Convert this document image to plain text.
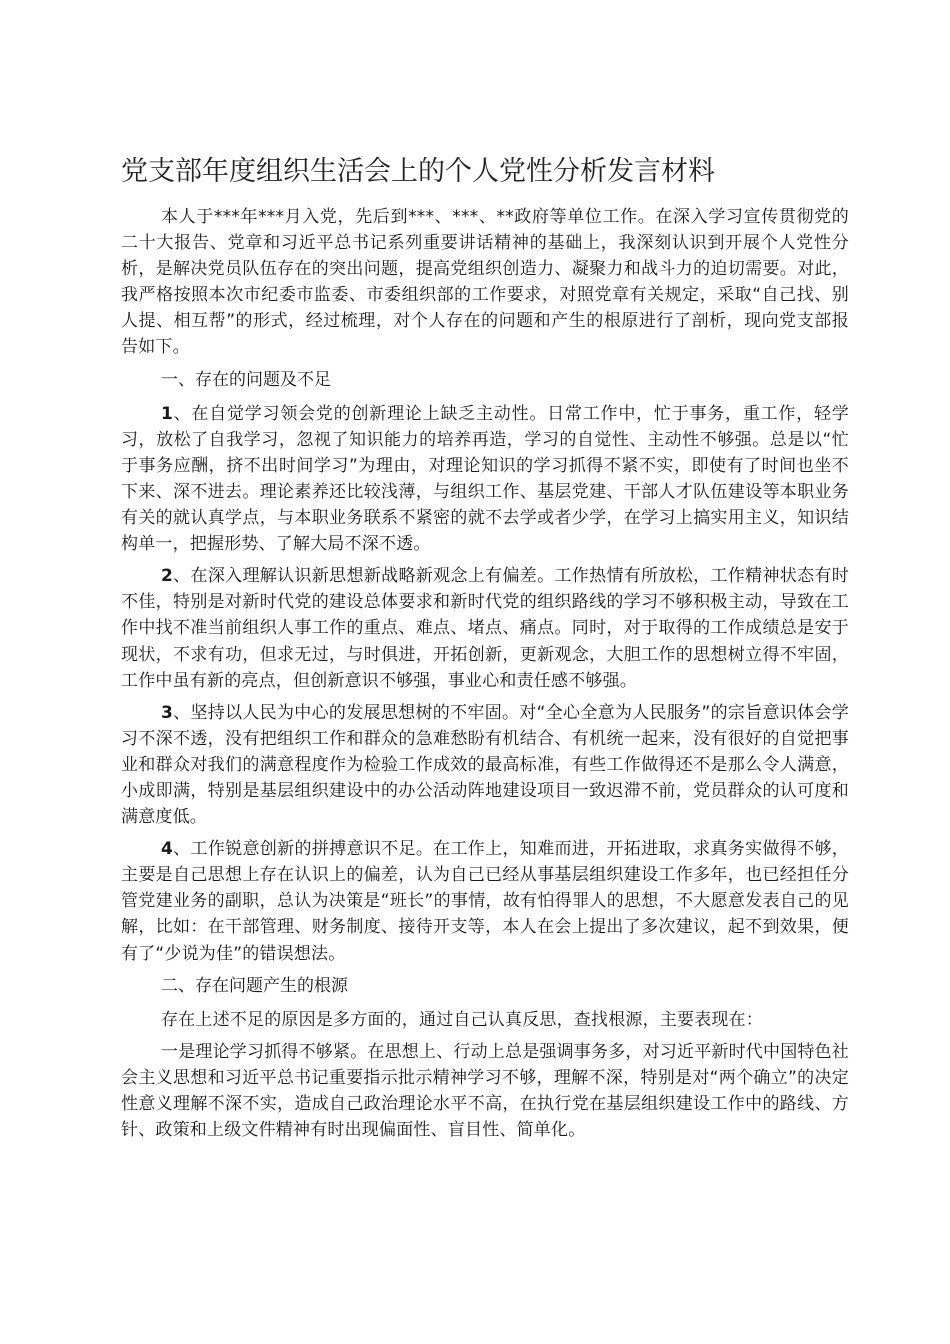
党支部年度组织生活会上的个人党性分析发言材料

本人于***年***月入党，先后到***、***、**政府等单位工作。在深入学习宣传贯彻党的二十大报告、党章和习近平总书记系列重要讲话精神的基础上，我深刻认识到开展个人党性分析，是解决党员队伍存在的突出问题，提高党组织创造力、凝聚力和战斗力的迫切需要。对此，我严格按照本次市纪委市监委、市委组织部的工作要求，对照党章有关规定，采取“自己找、别人提、相互帮”的形式，经过梳理，对个人存在的问题和产生的根原进行了剖析，现向党支部报告如下。

一、存在的问题及不足

1、在自觉学习领会党的创新理论上缺乏主动性。日常工作中，忙于事务，重工作，轻学习，放松了自我学习，忽视了知识能力的培养再造，学习的自觉性、主动性不够强。总是以“忙于事务应酬，挤不出时间学习”为理由，对理论知识的学习抓得不紧不实，即使有了时间也坐不下来、深不进去。理论素养还比较浅薄，与组织工作、基层党建、干部人才队伍建设等本职业务有关的就认真学点，与本职业务联系不紧密的就不去学或者少学，在学习上搞实用主义，知识结构单一，把握形势、了解大局不深不透。

2、在深入理解认识新思想新战略新观念上有偏差。工作热情有所放松，工作精神状态有时不佳，特别是对新时代党的建设总体要求和新时代党的组织路线的学习不够积极主动，导致在工作中找不准当前组织人事工作的重点、难点、堵点、痛点。同时，对于取得的工作成绩总是安于现状，不求有功，但求无过，与时俱进，开拓创新，更新观念，大胆工作的思想树立得不牢固，工作中虽有新的亮点，但创新意识不够强，事业心和责任感不够强。

3、坚持以人民为中心的发展思想树的不牢固。对“全心全意为人民服务”的宗旨意识体会学习不深不透，没有把组织工作和群众的急难愁盼有机结合、有机统一起来，没有很好的自觉把事业和群众对我们的满意程度作为检验工作成效的最高标准，有些工作做得还不是那么令人满意，小成即满，特别是基层组织建设中的办公活动阵地建设项目一致迟滞不前，党员群众的认可度和满意度低。

4、工作锐意创新的拼搏意识不足。在工作上，知难而进，开拓进取，求真务实做得不够，主要是自己思想上存在认识上的偏差，认为自己已经从事基层组织建设工作多年，也已经担任分管党建业务的副职，总认为决策是“班长”的事情，故有怕得罪人的思想，不大愿意发表自己的见解，比如：在干部管理、财务制度、接待开支等，本人在会上提出了多次建议，起不到效果，便有了“少说为佳”的错误想法。

二、存在问题产生的根源

存在上述不足的原因是多方面的，通过自己认真反思，查找根源，主要表现在：

一是理论学习抓得不够紧。在思想上、行动上总是强调事务多，对习近平新时代中国特色社会主义思想和习近平总书记重要指示批示精神学习不够，理解不深，特别是对“两个确立”的决定性意义理解不深不实，造成自己政治理论水平不高，在执行党在基层组织建设工作中的路线、方针、政策和上级文件精神有时出现偏面性、盲目性、简单化。
